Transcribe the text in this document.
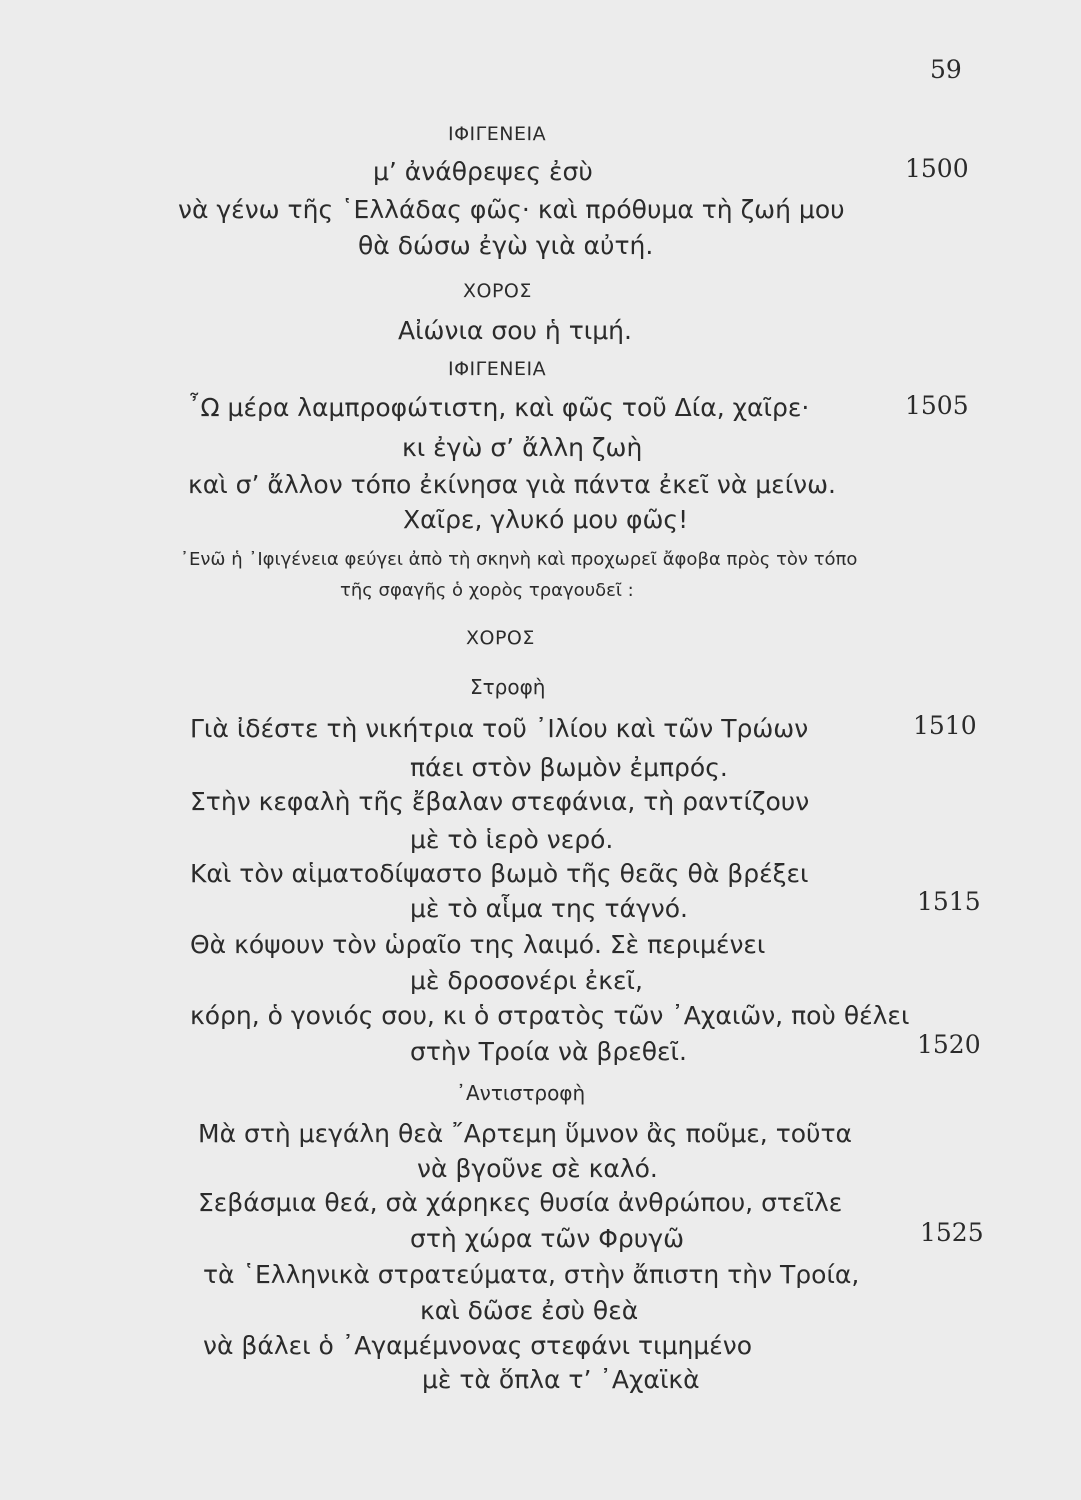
59
ΙΦΙΓΕΝΕΙΑ
μ’ ἀνάθρεψες ἐσὺ	1500
νὰ γένω τῆς ῾Ελλάδας φῶς· καὶ πρόθυμα τὴ ζωή μου
θὰ δώσω ἐγὼ γιὰ αὐτή.
ΧΟΡΟΣ
Αἰώνια σου ἡ τιμή.
ΙΦΙΓΕΝΕΙΑ
῏Ω μέρα λαμπροφώτιστη, καὶ φῶς τοῦ Δία, χαῖρε·	1505
κι ἐγὼ σ’ ἄλλη ζωὴ
καὶ σ’ ἄλλον τόπο ἐκίνησα γιὰ πάντα ἐκεῖ νὰ μείνω.
Χαῖρε, γλυκό μου φῶς!
᾿Ενῶ ἡ ᾿Ιφιγένεια φεύγει ἀπὸ τὴ σκηνὴ καὶ προχωρεῖ ἄφοβα πρὸς τὸν τόπο
τῆς σφαγῆς ὁ χορὸς τραγουδεῖ :
ΧΟΡΟΣ
Στροφὴ
Γιὰ ἰδέστε τὴ νικήτρια τοῦ ᾿Ιλίου καὶ τῶν Τρώων	1510
πάει στὸν βωμὸν ἐμπρός.
Στὴν κεφαλὴ τῆς ἔβαλαν στεφάνια, τὴ ραντίζουν
μὲ τὸ ἱερὸ νερό.
Καὶ τὸν αἱματοδίψαστο βωμὸ τῆς θεᾶς θὰ βρέξει
μὲ τὸ αἷμα της τάγνό.	1515
Θὰ κόψουν τὸν ὡραῖο της λαιμό. Σὲ περιμένει
μὲ δροσονέρι ἐκεῖ,
κόρη, ὁ γονιός σου, κι ὁ στρατὸς τῶν ᾿Αχαιῶν, ποὺ θέλει
στὴν Τροία νὰ βρεθεῖ.	1520
᾿Αντιστροφὴ
Μὰ στὴ μεγάλη θεὰ ῎Αρτεμη ὕμνον ἂς ποῦμε, τοῦτα
νὰ βγοῦνε σὲ καλό.
Σεβάσμια θεά, σὰ χάρηκες θυσία ἀνθρώπου, στεῖλε
στὴ χώρα τῶν Φρυγῶ	1525
τὰ ῾Ελληνικὰ στρατεύματα, στὴν ἄπιστη τὴν Τροία,
καὶ δῶσε ἐσὺ θεὰ
νὰ βάλει ὁ ᾿Αγαμέμνονας στεφάνι τιμημένο
μὲ τὰ ὅπλα τ’ ᾿Αχαϊκὰ
